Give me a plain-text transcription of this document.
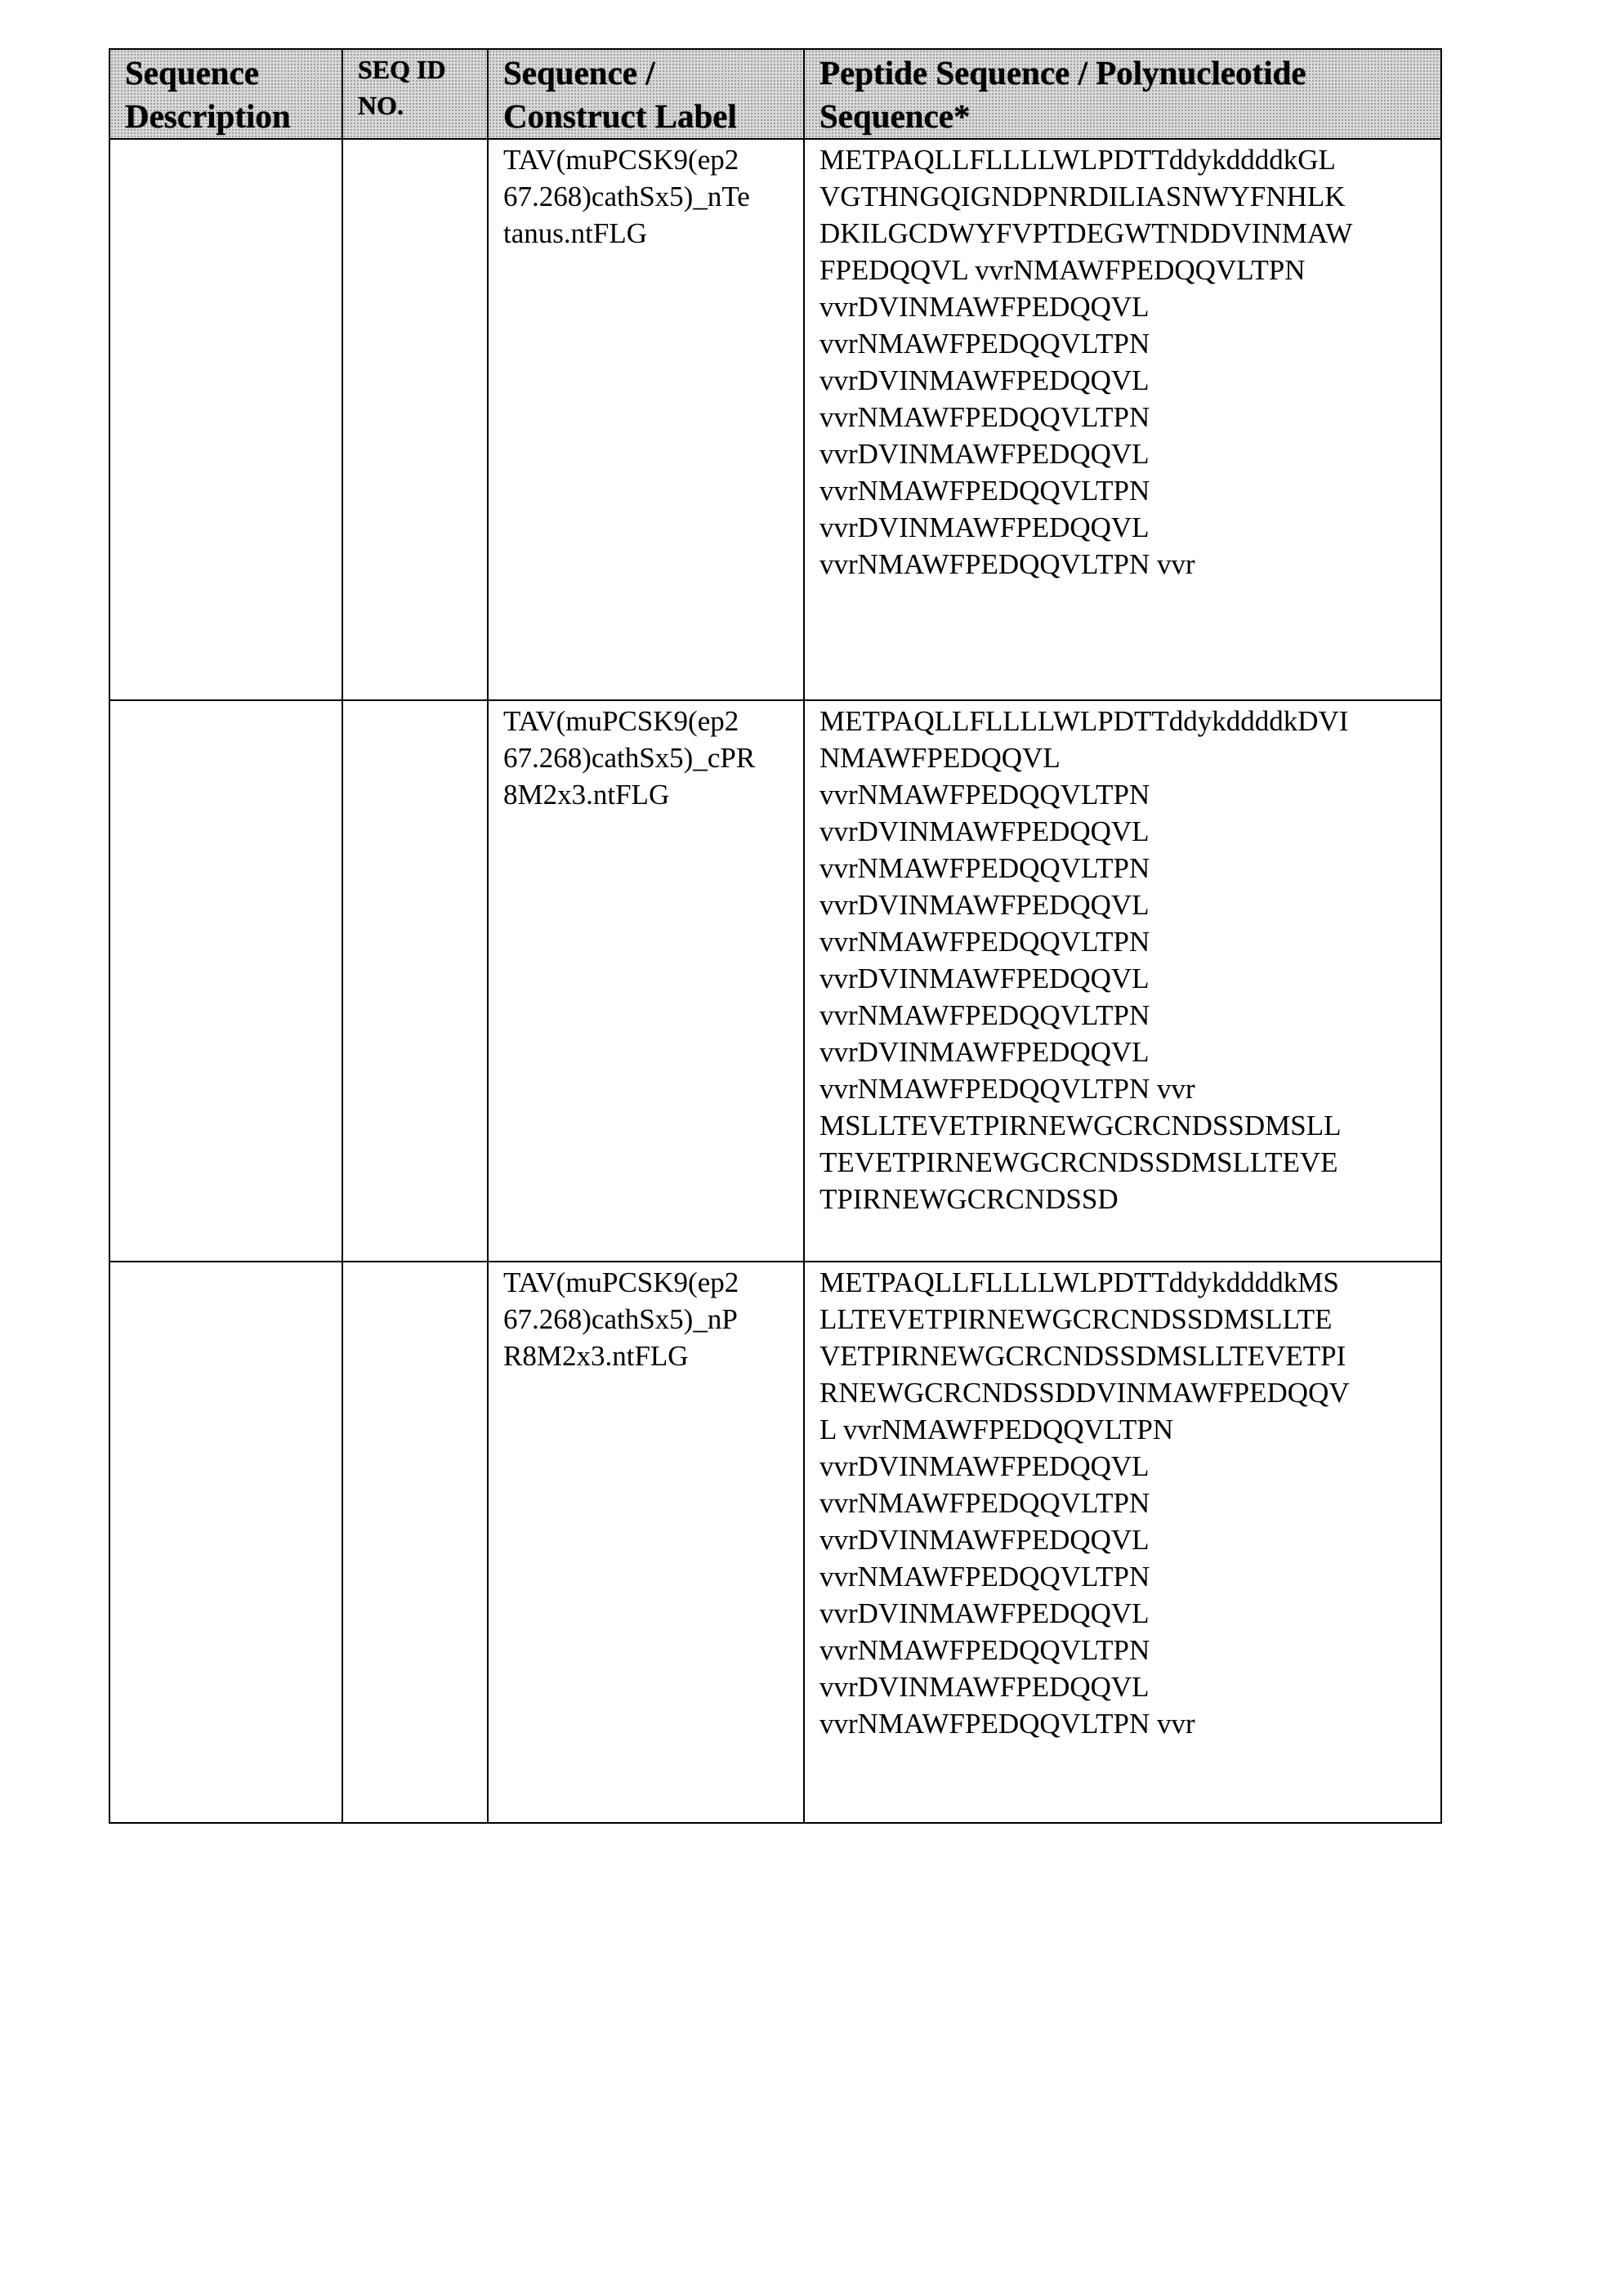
Sequence
Description

SEQ ID
NO.

Sequence /
Construct Label

Peptide Sequence / Polynucleotide
Sequence*

TAV(muPCSK9(ep2
67.268)cathSx5)_nTe
tanus.ntFLG

METPAQLLFLLLLWLPDTTddykddddkGL
VGTHNGQIGNDPNRDILIASNWYFNHLK
DKILGCDWYFVPTDEGWTNDDVINMAW
FPEDQQVL vvrNMAWFPEDQQVLTPN
vvrDVINMAWFPEDQQVL
vvrNMAWFPEDQQVLTPN
vvrDVINMAWFPEDQQVL
vvrNMAWFPEDQQVLTPN
vvrDVINMAWFPEDQQVL
vvrNMAWFPEDQQVLTPN
vvrDVINMAWFPEDQQVL
vvrNMAWFPEDQQVLTPN vvr

TAV(muPCSK9(ep2
67.268)cathSx5)_cPR
8M2x3.ntFLG

METPAQLLFLLLLWLPDTTddykddddkDVI
NMAWFPEDQQVL
vvrNMAWFPEDQQVLTPN
vvrDVINMAWFPEDQQVL
vvrNMAWFPEDQQVLTPN
vvrDVINMAWFPEDQQVL
vvrNMAWFPEDQQVLTPN
vvrDVINMAWFPEDQQVL
vvrNMAWFPEDQQVLTPN
vvrDVINMAWFPEDQQVL
vvrNMAWFPEDQQVLTPN vvr
MSLLTEVETPIRNEWGCRCNDSSDMSLL
TEVETPIRNEWGCRCNDSSDMSLLTEVE
TPIRNEWGCRCNDSSD

TAV(muPCSK9(ep2
67.268)cathSx5)_nP
R8M2x3.ntFLG

METPAQLLFLLLLWLPDTTddykddddkMS
LLTEVETPIRNEWGCRCNDSSDMSLLTE
VETPIRNEWGCRCNDSSDMSLLTEVETPI
RNEWGCRCNDSSDDVINMAWFPEDQQV
L vvrNMAWFPEDQQVLTPN
vvrDVINMAWFPEDQQVL
vvrNMAWFPEDQQVLTPN
vvrDVINMAWFPEDQQVL
vvrNMAWFPEDQQVLTPN
vvrDVINMAWFPEDQQVL
vvrNMAWFPEDQQVLTPN
vvrDVINMAWFPEDQQVL
vvrNMAWFPEDQQVLTPN vvr
